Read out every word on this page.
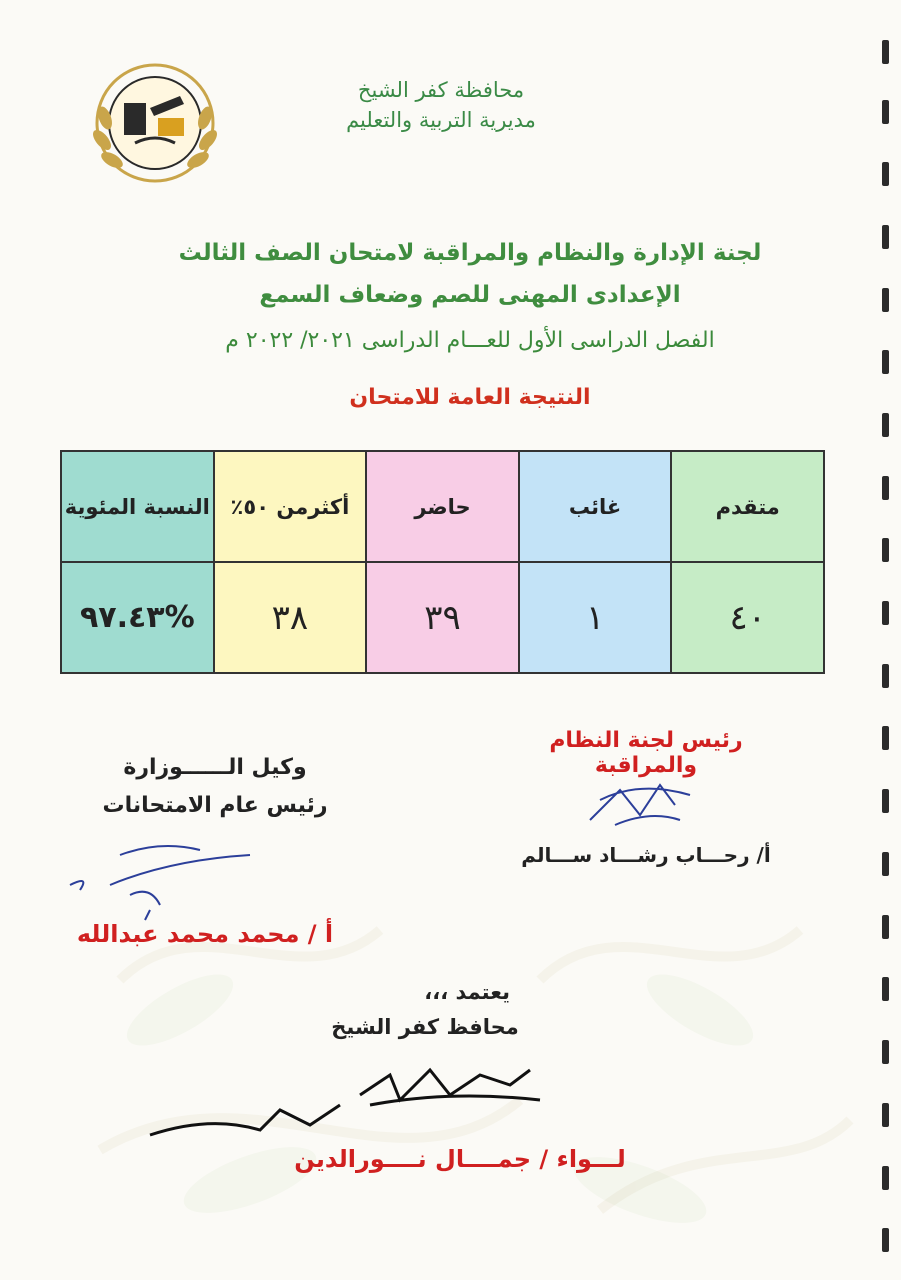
محافظة كفر الشيخ
مديرية التربية والتعليم
لجنة الإدارة والنظام والمراقبة لامتحان الصف الثالث
الإعدادى المهنى للصم وضعاف السمع
الفصل الدراسى الأول للعـــام الدراسى ٢٠٢١/ ٢٠٢٢ م
النتيجة العامة للامتحان
متقدم	غائب	حاضر	أكثرمن ٥٠٪	النسبة المئوية
٤٠	١	٣٩	٣٨	%٩٧.٤٣
رئيس لجنة النظام والمراقبة
أ/ رحـــاب رشـــاد ســـالم
وكيل الــــــوزارة
رئيس عام الامتحانات
أ / محمد محمد عبدالله
يعتمد ،،،
محافظ كفر الشيخ
لـــواء / جمــــال نــــورالدين
